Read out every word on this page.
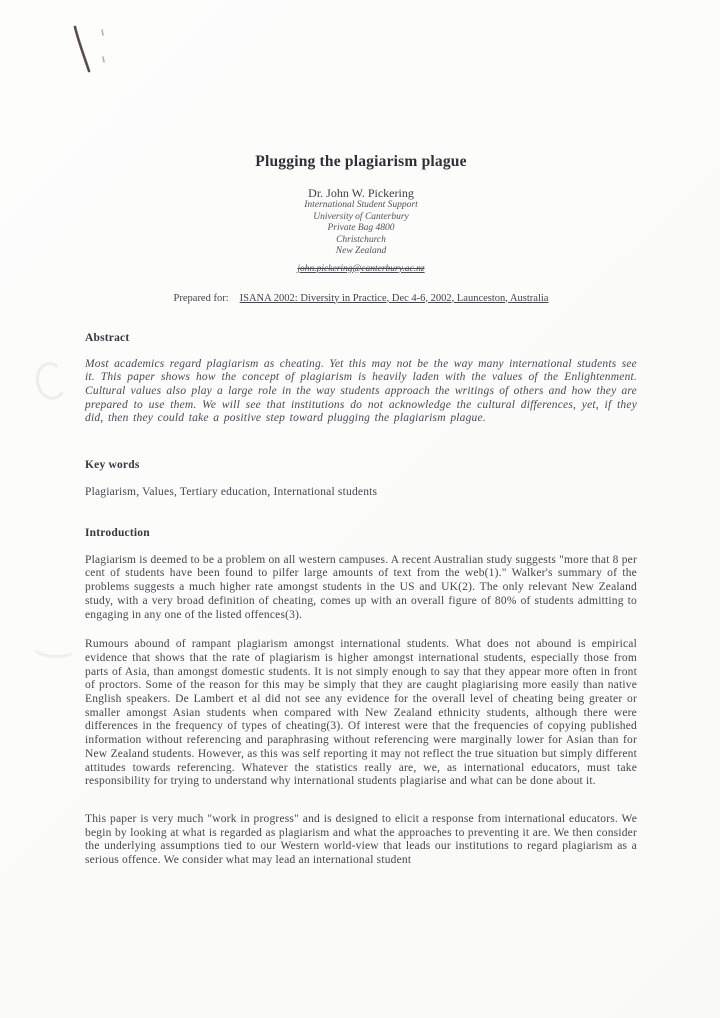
Plugging the plagiarism plague
Dr. John W. Pickering
International Student Support
University of Canterbury
Private Bag 4800
Christchurch
New Zealand
john.pickering@canterbury.ac.nz
Prepared for: ISANA 2002: Diversity in Practice, Dec 4-6, 2002, Launceston, Australia
Abstract

Most academics regard plagiarism as cheating. Yet this may not be the way many international students see it. This paper shows how the concept of plagiarism is heavily laden with the values of the Enlightenment. Cultural values also play a large role in the way students approach the writings of others and how they are prepared to use them. We will see that institutions do not acknowledge the cultural differences, yet, if they did, then they could take a positive step toward plugging the plagiarism plague.

Key words

Plagiarism, Values, Tertiary education, International students

Introduction

Plagiarism is deemed to be a problem on all western campuses. A recent Australian study suggests "more that 8 per cent of students have been found to pilfer large amounts of text from the web(1)." Walker's summary of the problems suggests a much higher rate amongst students in the US and UK(2). The only relevant New Zealand study, with a very broad definition of cheating, comes up with an overall figure of 80% of students admitting to engaging in any one of the listed offences(3).

Rumours abound of rampant plagiarism amongst international students. What does not abound is empirical evidence that shows that the rate of plagiarism is higher amongst international students, especially those from parts of Asia, than amongst domestic students. It is not simply enough to say that they appear more often in front of proctors. Some of the reason for this may be simply that they are caught plagiarising more easily than native English speakers. De Lambert et al did not see any evidence for the overall level of cheating being greater or smaller amongst Asian students when compared with New Zealand ethnicity students, although there were differences in the frequency of types of cheating(3). Of interest were that the frequencies of copying published information without referencing and paraphrasing without referencing were marginally lower for Asian than for New Zealand students. However, as this was self reporting it may not reflect the true situation but simply different attitudes towards referencing. Whatever the statistics really are, we, as international educators, must take responsibility for trying to understand why international students plagiarise and what can be done about it.

This paper is very much "work in progress" and is designed to elicit a response from international educators. We begin by looking at what is regarded as plagiarism and what the approaches to preventing it are. We then consider the underlying assumptions tied to our Western world-view that leads our institutions to regard plagiarism as a serious offence. We consider what may lead an international student
